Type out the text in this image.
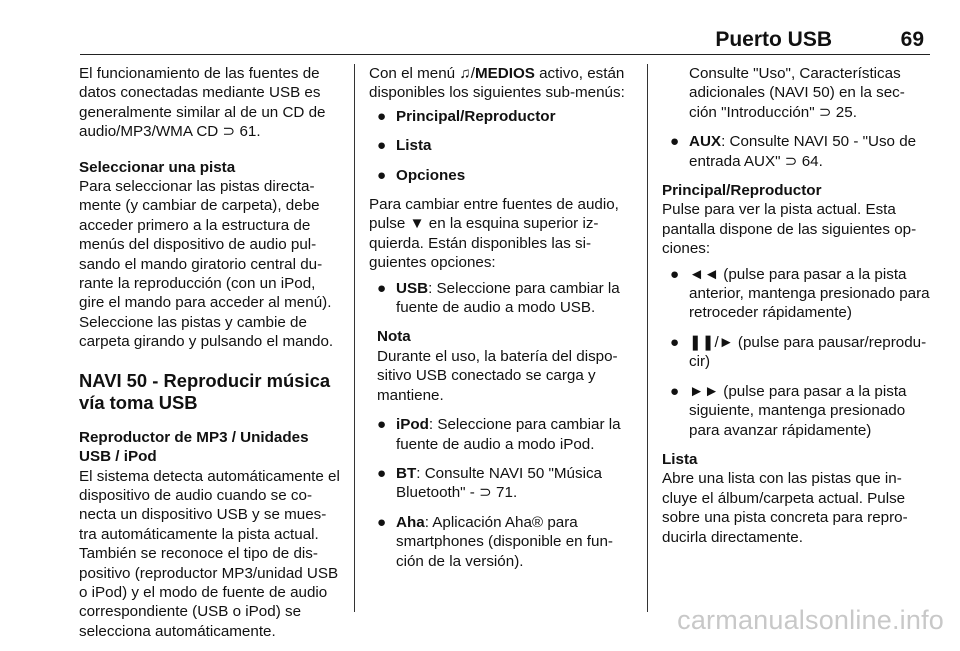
Puerto USB	69

El funcionamiento de las fuentes de datos conectadas mediante USB es generalmente similar al de un CD de audio/MP3/WMA CD ⊃ 61.

Seleccionar una pista
Para seleccionar las pistas directa-mente (y cambiar de carpeta), debe acceder primero a la estructura de menús del dispositivo de audio pul-sando el mando giratorio central du-rante la reproducción (con un iPod, gire el mando para acceder al menú). Seleccione las pistas y cambie de carpeta girando y pulsando el mando.

NAVI 50 - Reproducir música vía toma USB

Reproductor de MP3 / Unidades USB / iPod
El sistema detecta automáticamente el dispositivo de audio cuando se co-necta un dispositivo USB y se mues-tra automáticamente la pista actual. También se reconoce el tipo de dis-positivo (reproductor MP3/unidad USB o iPod) y el modo de fuente de audio correspondiente (USB o iPod) se selecciona automáticamente.

Con el menú ♫/MEDIOS activo, están disponibles los siguientes sub-menús:

● Principal/Reproductor
● Lista
● Opciones

Para cambiar entre fuentes de audio, pulse ▼ en la esquina superior iz-quierda. Están disponibles las si-guientes opciones:

● USB: Seleccione para cambiar la fuente de audio a modo USB.
Nota
Durante el uso, la batería del dispo-sitivo USB conectado se carga y mantiene.
● iPod: Seleccione para cambiar la fuente de audio a modo iPod.
● BT: Consulte NAVI 50 "Música Bluetooth" - ⊃ 71.
● Aha: Aplicación Aha® para smartphones (disponible en fun-ción de la versión).

Consulte "Uso", Características adicionales (NAVI 50) en la sec-ción "Introducción" ⊃ 25.

● AUX: Consulte NAVI 50 - "Uso de entrada AUX" ⊃ 64.

Principal/Reproductor
Pulse para ver la pista actual. Esta pantalla dispone de las siguientes op-ciones:

● ◄◄ (pulse para pasar a la pista anterior, mantenga presionado para retroceder rápidamente)
● ❚❚/► (pulse para pausar/reprodu-cir)
● ►► (pulse para pasar a la pista siguiente, mantenga presionado para avanzar rápidamente)

Lista
Abre una lista con las pistas que in-cluye el álbum/carpeta actual. Pulse sobre una pista concreta para repro-ducirla directamente.

carmanualsonline.info
